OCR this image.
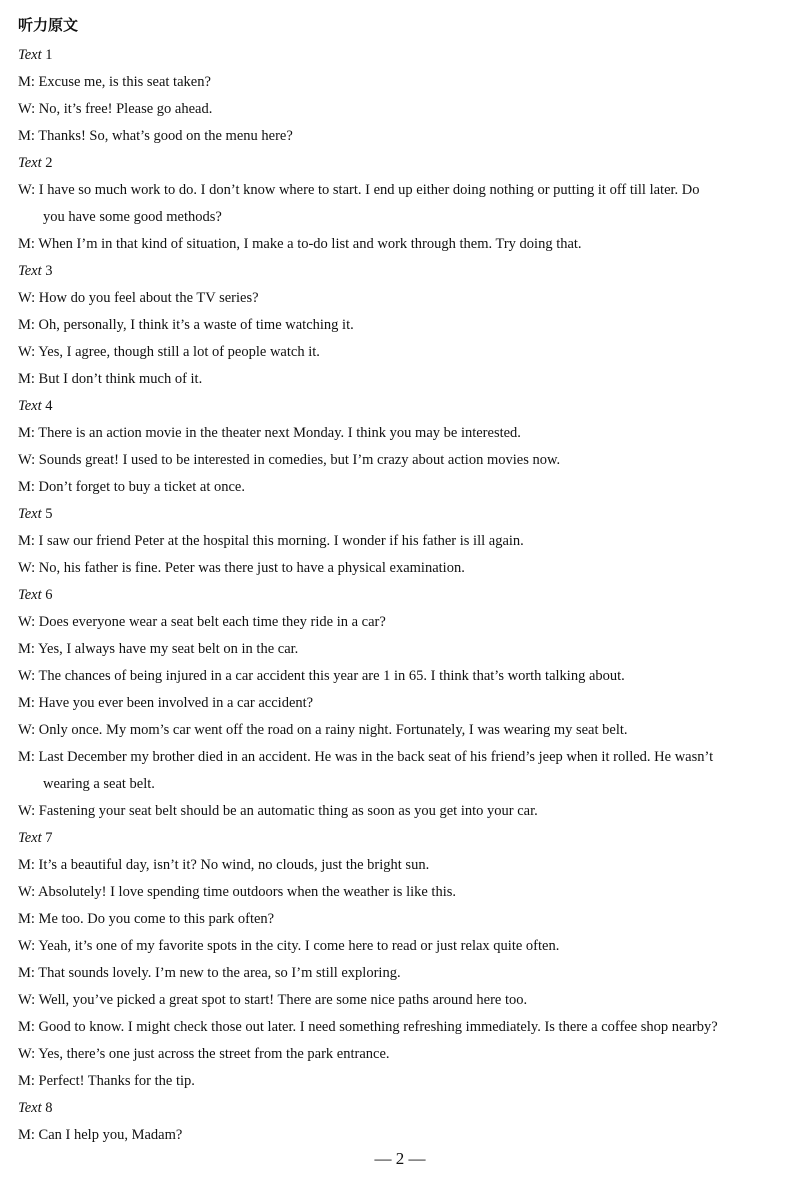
听力原文
Text 1
M: Excuse me, is this seat taken?
W: No, it’s free! Please go ahead.
M: Thanks! So, what’s good on the menu here?
Text 2
W: I have so much work to do. I don’t know where to start. I end up either doing nothing or putting it off till later. Do
you have some good methods?
M: When I’m in that kind of situation, I make a to-do list and work through them. Try doing that.
Text 3
W: How do you feel about the TV series?
M: Oh, personally, I think it’s a waste of time watching it.
W: Yes, I agree, though still a lot of people watch it.
M: But I don’t think much of it.
Text 4
M: There is an action movie in the theater next Monday. I think you may be interested.
W: Sounds great! I used to be interested in comedies, but I’m crazy about action movies now.
M: Don’t forget to buy a ticket at once.
Text 5
M: I saw our friend Peter at the hospital this morning. I wonder if his father is ill again.
W: No, his father is fine. Peter was there just to have a physical examination.
Text 6
W: Does everyone wear a seat belt each time they ride in a car?
M: Yes, I always have my seat belt on in the car.
W: The chances of being injured in a car accident this year are 1 in 65. I think that’s worth talking about.
M: Have you ever been involved in a car accident?
W: Only once. My mom’s car went off the road on a rainy night. Fortunately, I was wearing my seat belt.
M: Last December my brother died in an accident. He was in the back seat of his friend’s jeep when it rolled. He wasn’t
wearing a seat belt.
W: Fastening your seat belt should be an automatic thing as soon as you get into your car.
Text 7
M: It’s a beautiful day, isn’t it? No wind, no clouds, just the bright sun.
W: Absolutely! I love spending time outdoors when the weather is like this.
M: Me too. Do you come to this park often?
W: Yeah, it’s one of my favorite spots in the city. I come here to read or just relax quite often.
M: That sounds lovely. I’m new to the area, so I’m still exploring.
W: Well, you’ve picked a great spot to start! There are some nice paths around here too.
M: Good to know. I might check those out later. I need something refreshing immediately. Is there a coffee shop nearby?
W: Yes, there’s one just across the street from the park entrance.
M: Perfect! Thanks for the tip.
Text 8
M: Can I help you, Madam?
— 2 —
